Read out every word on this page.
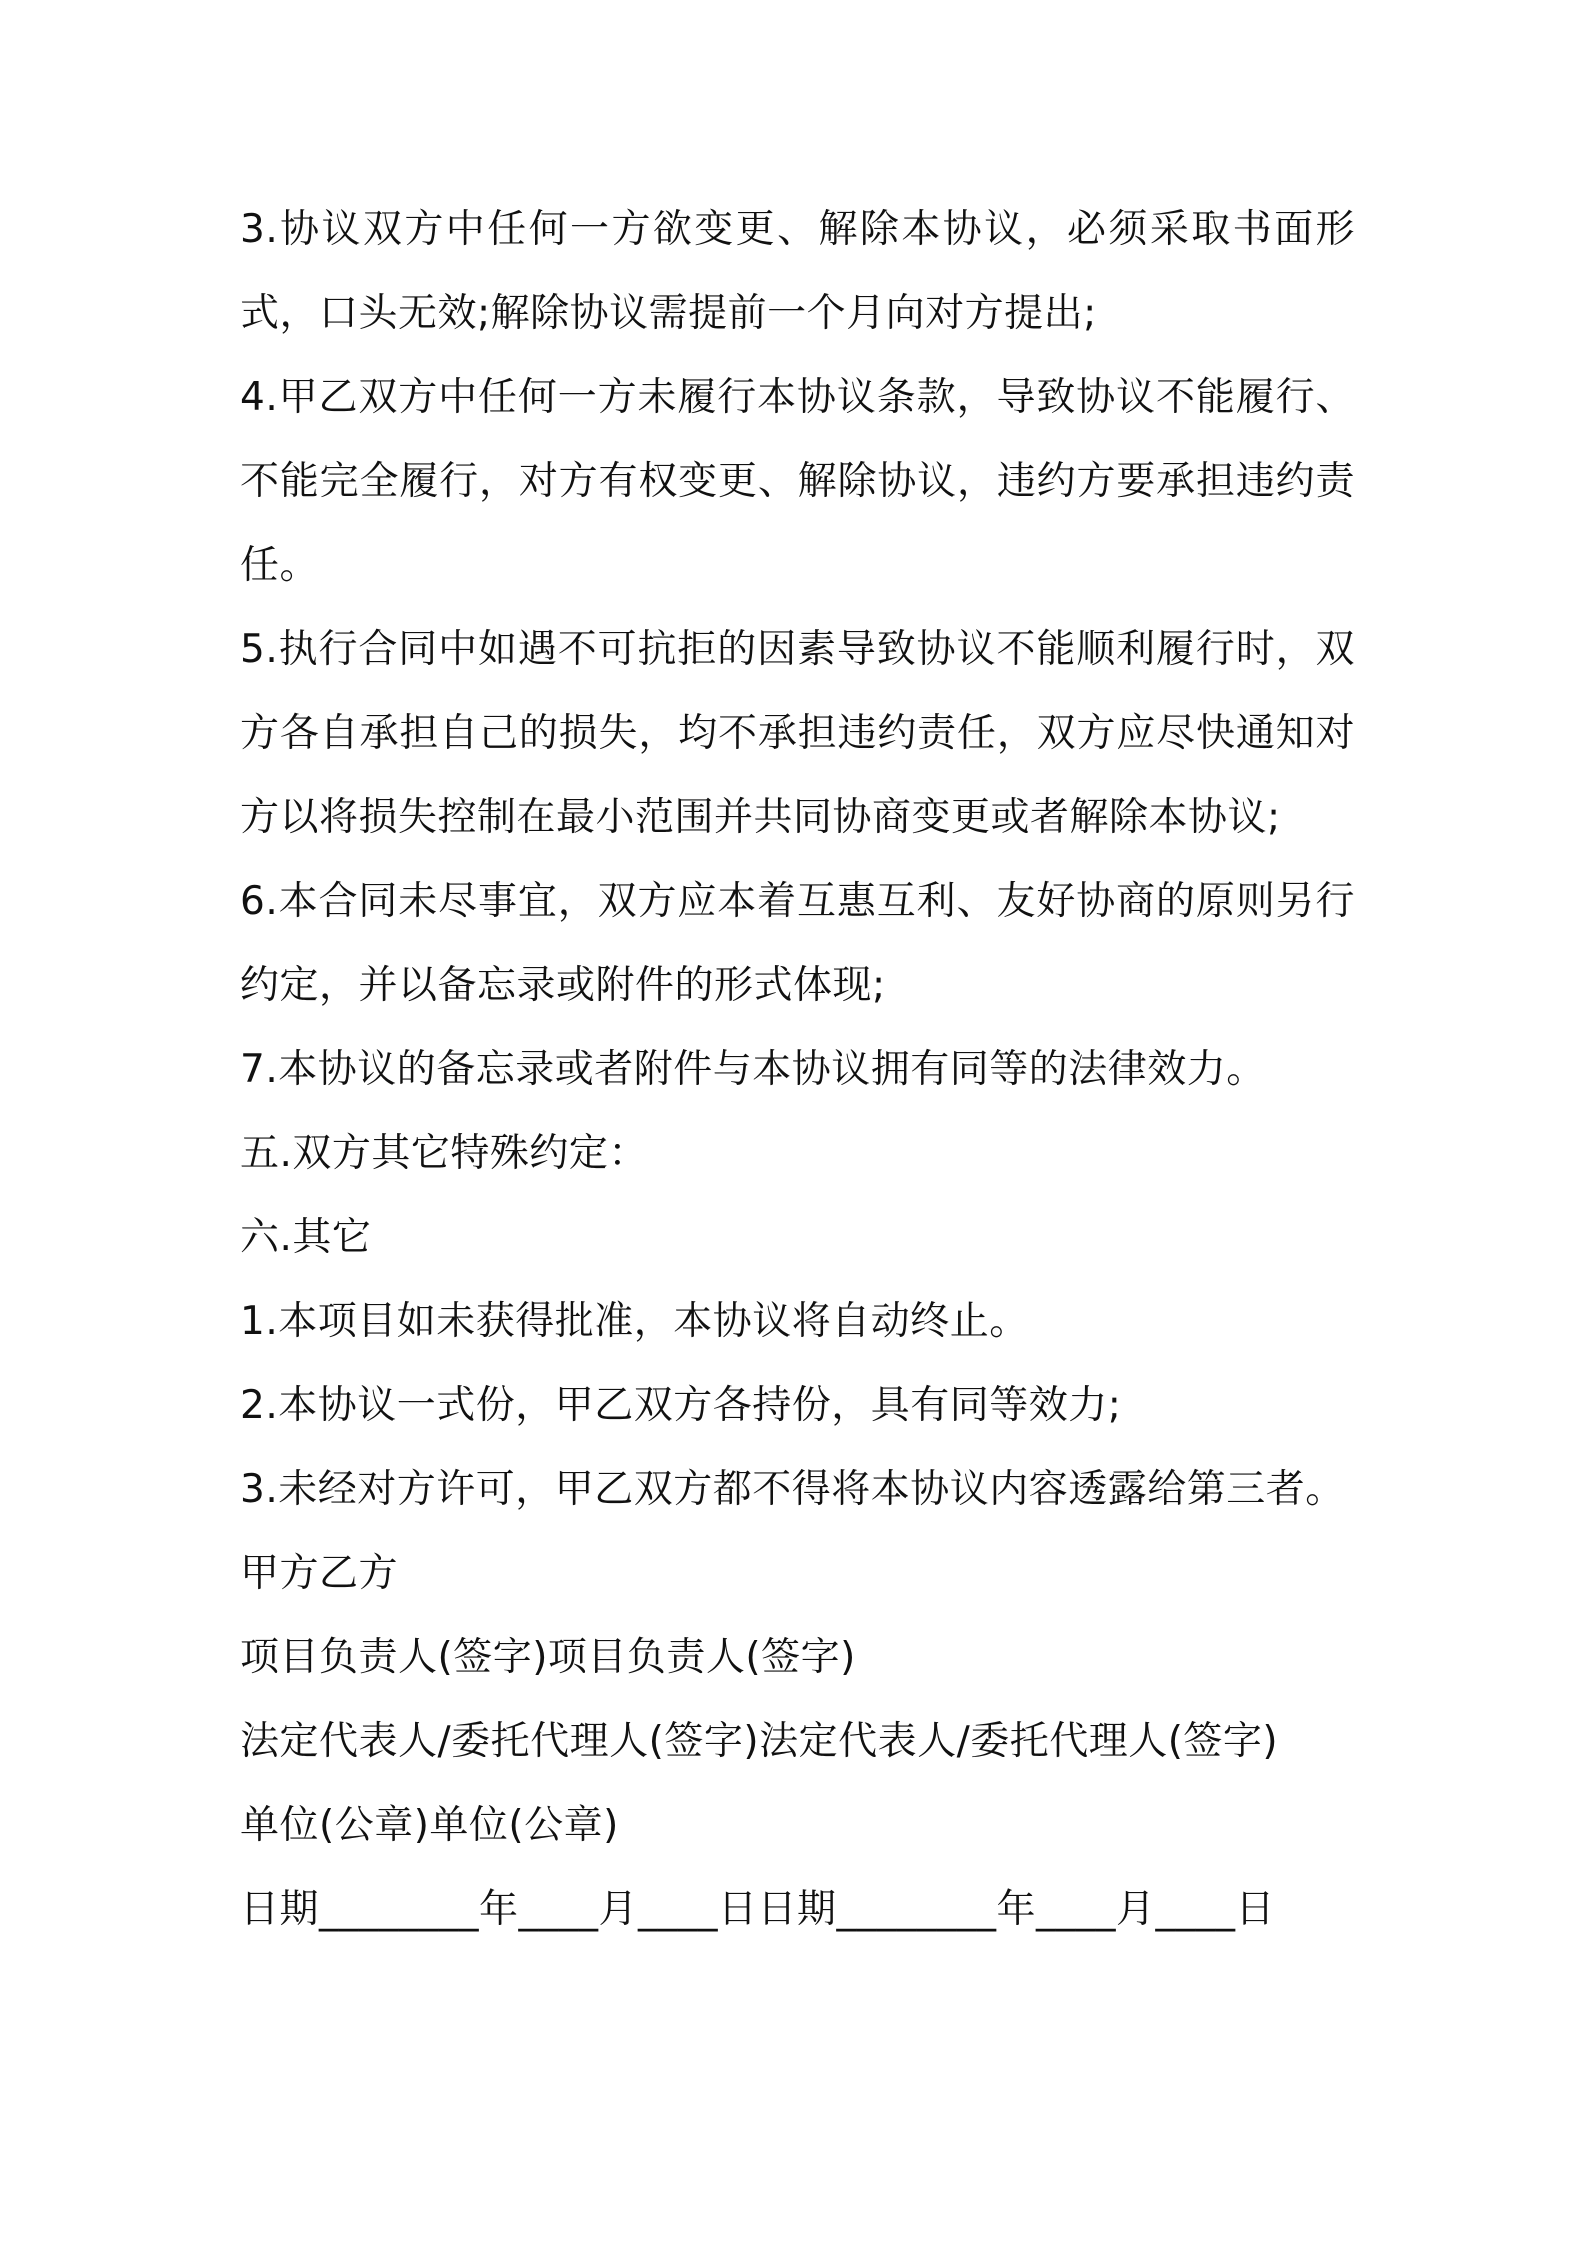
3.协议双方中任何一方欲变更、解除本协议，必须采取书面形式，口头无效;解除协议需提前一个月向对方提出;

4.甲乙双方中任何一方未履行本协议条款，导致协议不能履行、不能完全履行，对方有权变更、解除协议，违约方要承担违约责任。

5.执行合同中如遇不可抗拒的因素导致协议不能顺利履行时，双方各自承担自己的损失，均不承担违约责任，双方应尽快通知对方以将损失控制在最小范围并共同协商变更或者解除本协议;

6.本合同未尽事宜，双方应本着互惠互利、友好协商的原则另行约定，并以备忘录或附件的形式体现;

7.本协议的备忘录或者附件与本协议拥有同等的法律效力。

五.双方其它特殊约定：

六.其它

1.本项目如未获得批准，本协议将自动终止。

2.本协议一式份，甲乙双方各持份，具有同等效力;

3.未经对方许可，甲乙双方都不得将本协议内容透露给第三者。

甲方乙方

项目负责人(签字)项目负责人(签字)

法定代表人/委托代理人(签字)法定代表人/委托代理人(签字)

单位(公章)单位(公章)

日期________年____月____日日期________年____月____日
